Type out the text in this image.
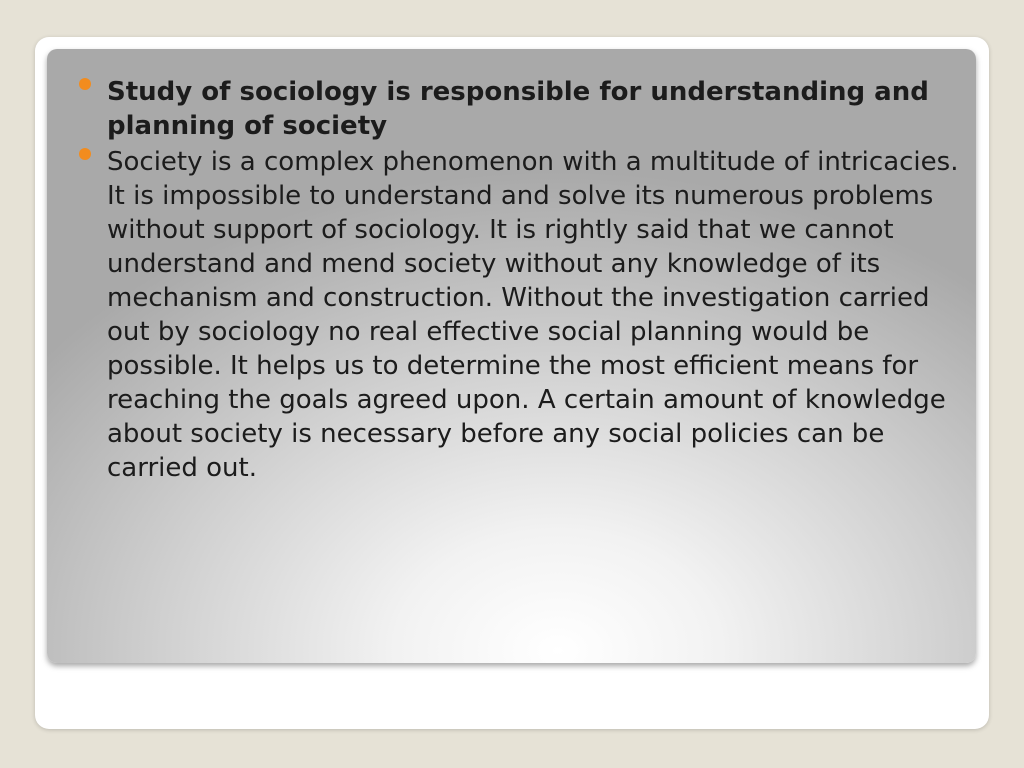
Study of sociology is responsible for understanding and planning of society
Society is a complex phenomenon with a multitude of intricacies. It is impossible to understand and solve its numerous problems without support of sociology. It is rightly said that we cannot understand and mend society without any knowledge of its mechanism and construction. Without the investigation carried out by sociology no real effective social planning would be possible. It helps us to determine the most efficient means for reaching the goals agreed upon. A certain amount of knowledge about society is necessary before any social policies can be carried out.
